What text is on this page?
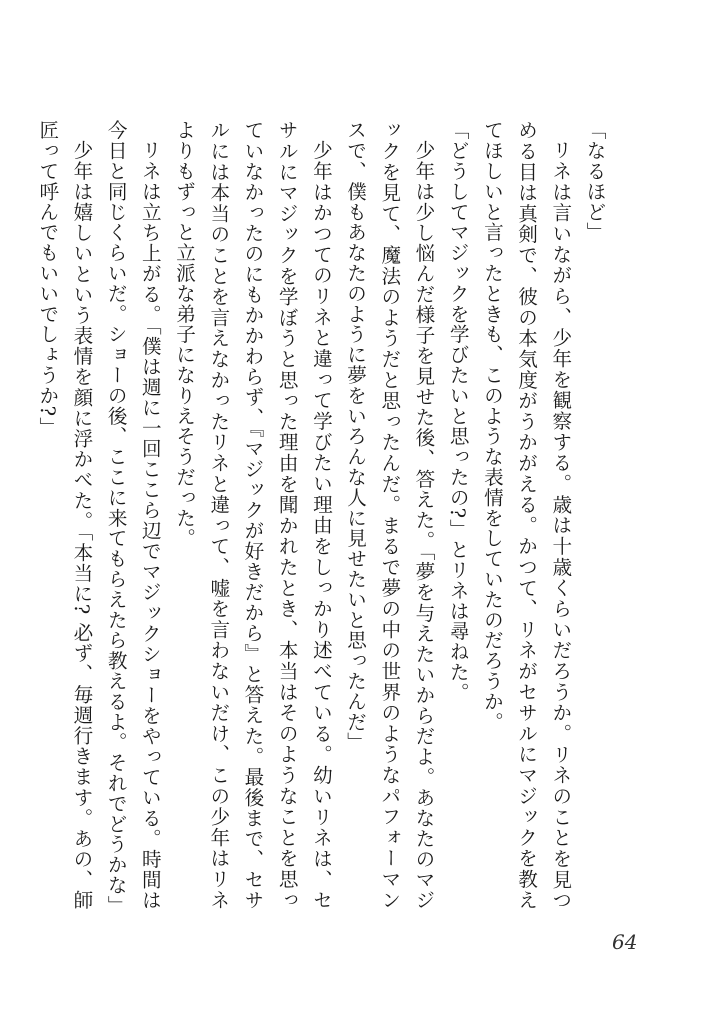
「なるほど」
リネは言いながら、少年を観察する。歳は十歳くらいだろうか。リネのことを見つめる目は真剣で、彼の本気度がうかがえる。かつて、リネがセサルにマジックを教えてほしいと言ったときも、このような表情をしていたのだろうか。
「どうしてマジックを学びたいと思ったの?」とリネは尋ねた。
少年は少し悩んだ様子を見せた後、答えた。「夢を与えたいからだよ。あなたのマジックを見て、魔法のようだと思ったんだ。まるで夢の中の世界のようなパフォーマンスで、僕もあなたのように夢をいろんな人に見せたいと思ったんだ」
少年はかつてのリネと違って学びたい理由をしっかり述べている。幼いリネは、セサルにマジックを学ぼうと思った理由を聞かれたとき、本当はそのようなことを思っていなかったのにもかかわらず、『マジックが好きだから』と答えた。最後まで、セサルには本当のことを言えなかったリネと違って、嘘を言わないだけ、この少年はリネよりもずっと立派な弟子になりえそうだった。
リネは立ち上がる。「僕は週に一回ここら辺でマジックショーをやっている。時間は今日と同じくらいだ。ショーの後、ここに来てもらえたら教えるよ。それでどうかな」
少年は嬉しいという表情を顔に浮かべた。「本当に? 必ず、毎週行きます。あの、師匠って呼んでもいいでしょうか?」
64
